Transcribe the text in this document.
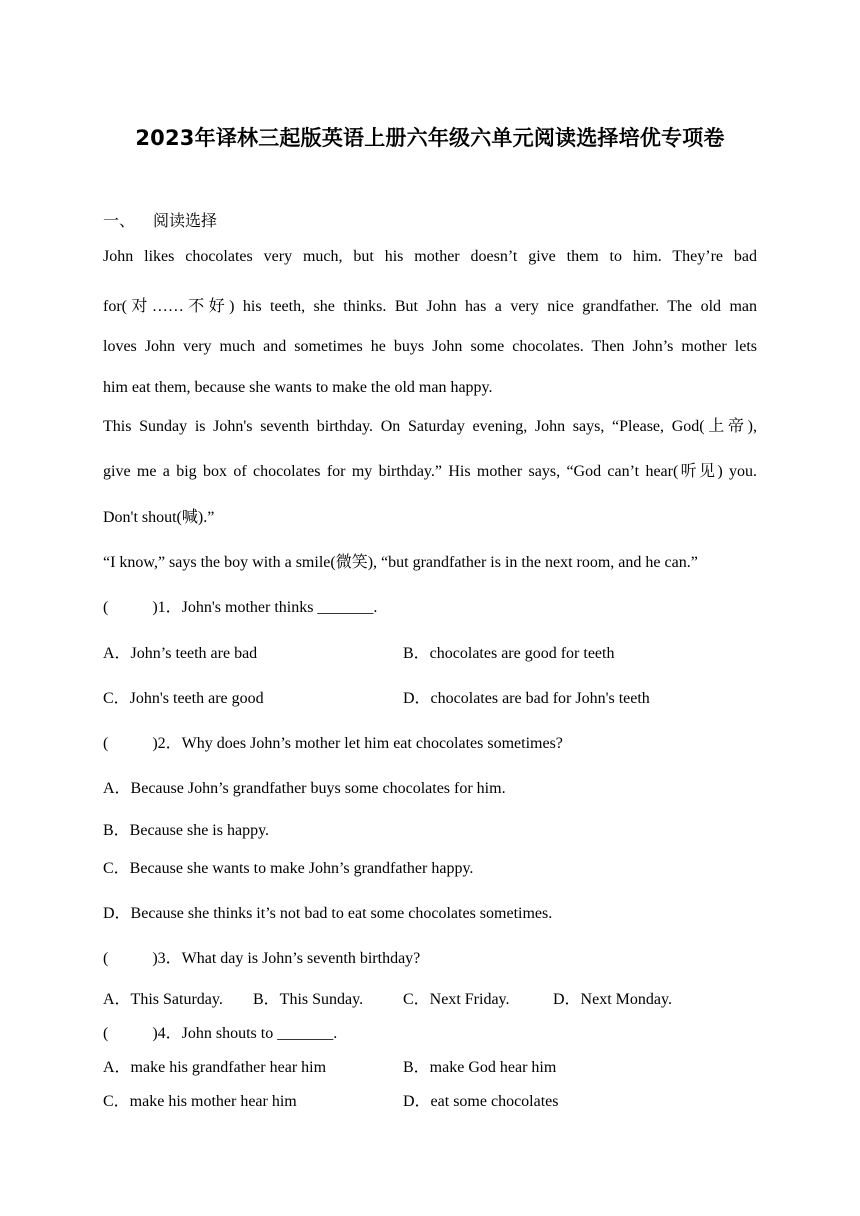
2023年译林三起版英语上册六年级六单元阅读选择培优专项卷
一、 阅读选择
John likes chocolates very much, but his mother doesn’t give them to him. They’re bad
for(对……不好) his teeth, she thinks. But John has a very nice grandfather. The old man
loves John very much and sometimes he buys John some chocolates. Then John’s mother lets
him eat them, because she wants to make the old man happy.
This Sunday is John's seventh birthday. On Saturday evening, John says, “Please, God(上帝),
give me a big box of chocolates for my birthday.” His mother says, “God can’t hear(听见) you.
Don't shout(喊).”
“I know,” says the boy with a smile(微笑), “but grandfather is in the next room, and he can.”
(	)1．John's mother thinks _______.
A．John’s teeth are bad	B．chocolates are good for teeth
C．John's teeth are good	D．chocolates are bad for John's teeth
(	)2．Why does John’s mother let him eat chocolates sometimes?
A．Because John’s grandfather buys some chocolates for him.
B．Because she is happy.
C．Because she wants to make John’s grandfather happy.
D．Because she thinks it’s not bad to eat some chocolates sometimes.
(	)3．What day is John’s seventh birthday?
A．This Saturday. B．This Sunday. C．Next Friday.	D．Next Monday.
(	)4．John shouts to _______.
A．make his grandfather hear him	B．make God hear him
C．make his mother hear him	D．eat some chocolates
